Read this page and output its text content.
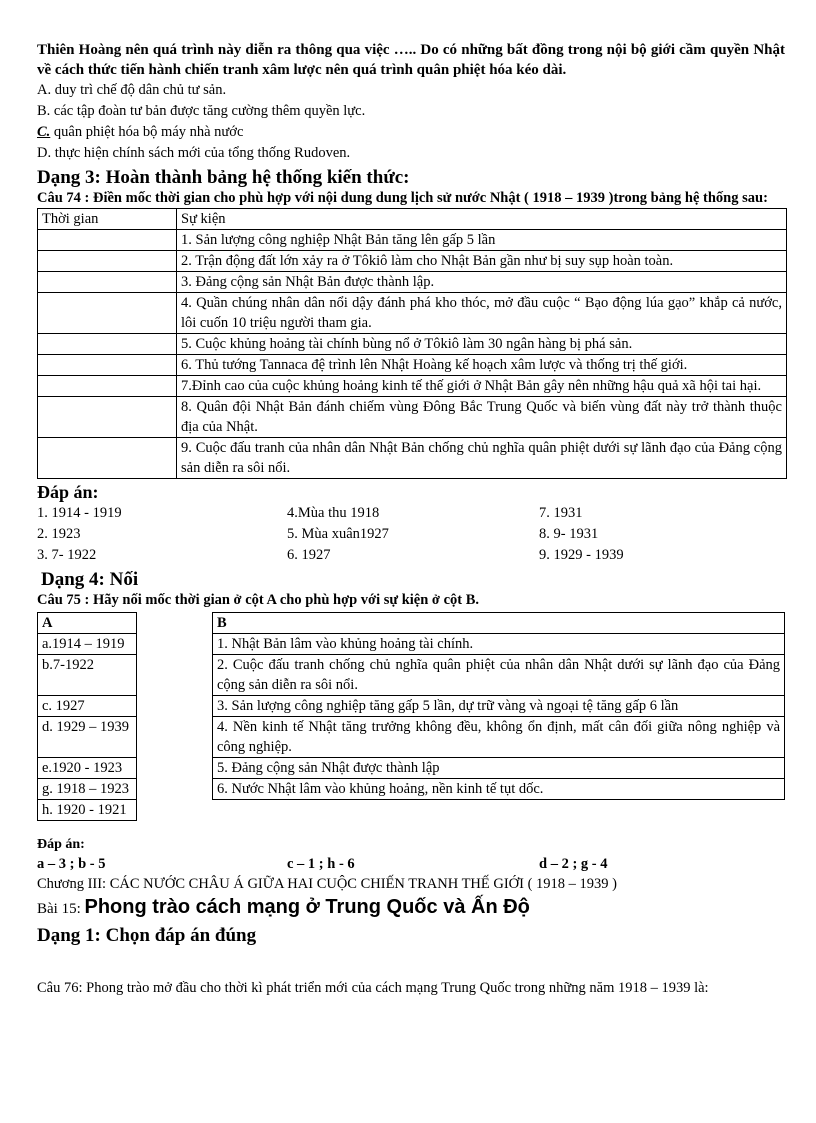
Thiên Hoàng nên quá trình này diễn ra thông qua việc ….. Do có những bất đồng trong nội bộ giới cầm quyền Nhật về cách thức tiến hành chiến tranh xâm lược nên quá trình quân phiệt hóa kéo dài.

A. duy trì chế độ dân chủ tư sản.

B. các tập đoàn tư bản được tăng cường thêm quyền lực.

C. quân phiệt hóa bộ máy nhà nước

D. thực hiện chính sách mới của tổng thống Rudoven.

Dạng 3: Hoàn thành bảng hệ thống kiến thức:

Câu 74 : Điền mốc thời gian cho phù hợp với nội dung dung lịch sử nước Nhật ( 1918 – 1939 )trong bảng hệ thống sau:

Thời gian	Sự kiện
	1. Sản lượng công nghiệp Nhật Bản tăng lên gấp 5 lần
	2. Trận động đất lớn xảy ra ở Tôkiô làm cho Nhật Bản gần như bị suy sụp hoàn toàn.
	3. Đảng cộng sản Nhật Bản được thành lập.
	4. Quần chúng nhân dân nổi dậy đánh phá kho thóc, mở đầu cuộc “ Bạo động lúa gạo” khắp cả nước, lôi cuốn 10 triệu người tham gia.
	5. Cuộc khủng hoảng tài chính bùng nổ ở Tôkiô làm 30 ngân hàng bị phá sản.
	6. Thủ tướng Tannaca đệ trình lên Nhật Hoàng kế hoạch xâm lược và thống trị thế giới.
	7.Đỉnh cao của cuộc khủng hoảng kinh tế thế giới ở Nhật Bản gây nên những hậu quả xã hội tai hại.
	8. Quân đội Nhật Bản đánh chiếm vùng Đông Bắc Trung Quốc và biến vùng đất này trở thành thuộc địa của Nhật.
	9. Cuộc đấu tranh của nhân dân Nhật Bản chống chủ nghĩa quân phiệt dưới sự lãnh đạo của Đảng cộng sản diễn ra sôi nổi.
Đáp án:
1. 1914 - 1919	4.Mùa thu 1918	7. 1931
2. 1923	5. Mùa xuân1927	8. 9- 1931
3. 7- 1922	6. 1927	9. 1929 - 1939
Dạng 4: Nối

Câu 75 : Hãy nối mốc thời gian ở cột A cho phù hợp với sự kiện ở cột B.

A
a.1914 – 1919
b.7-1922
c. 1927
d. 1929 – 1939
e.1920 - 1923
g. 1918 – 1923
h. 1920 - 1921
B
1. Nhật Bản lâm vào khủng hoảng tài chính.
2. Cuộc đấu tranh chống chủ nghĩa quân phiệt của nhân dân Nhật dưới sự lãnh đạo của Đảng cộng sản diễn ra sôi nổi.
3. Sản lượng công nghiệp tăng gấp 5 lần, dự trữ vàng và ngoại tệ tăng gấp 6 lần
4. Nền kinh tế Nhật tăng trưởng không đều, không ổn định, mất cân đối giữa nông nghiệp và công nghiệp.
5. Đảng cộng sản Nhật được thành lập
6. Nước Nhật lâm vào khủng hoảng, nền kinh tế tụt dốc.

Đáp án:

a – 3 ; b - 5	c – 1 ; h - 6	d – 2 ; g - 4

Chương III: CÁC NƯỚC CHÂU Á GIỮA HAI CUỘC CHIẾN TRANH THẾ GIỚI ( 1918 – 1939 )

Bài 15: Phong trào cách mạng ở Trung Quốc và Ấn Độ

Dạng 1: Chọn đáp án đúng

Câu 76: Phong trào mở đầu cho thời kì phát triển mới của cách mạng Trung Quốc trong những năm 1918 – 1939 là:
